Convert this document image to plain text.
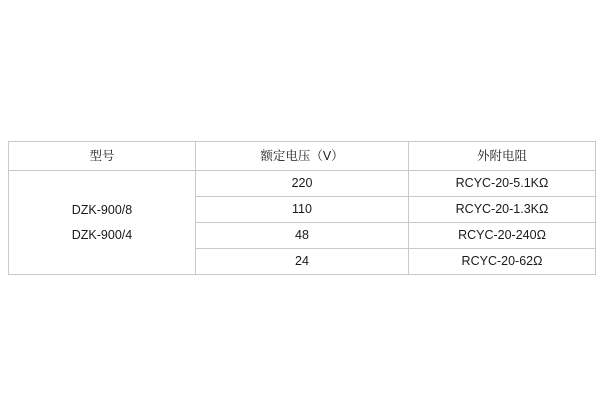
型号	额定电压（V）	外附电阻

DZK-900/8
DZK-900/4	220	RCYC-20-5.1KΩ
	110	RCYC-20-1.3KΩ
	48	RCYC-20-240Ω
	24	RCYC-20-62Ω
